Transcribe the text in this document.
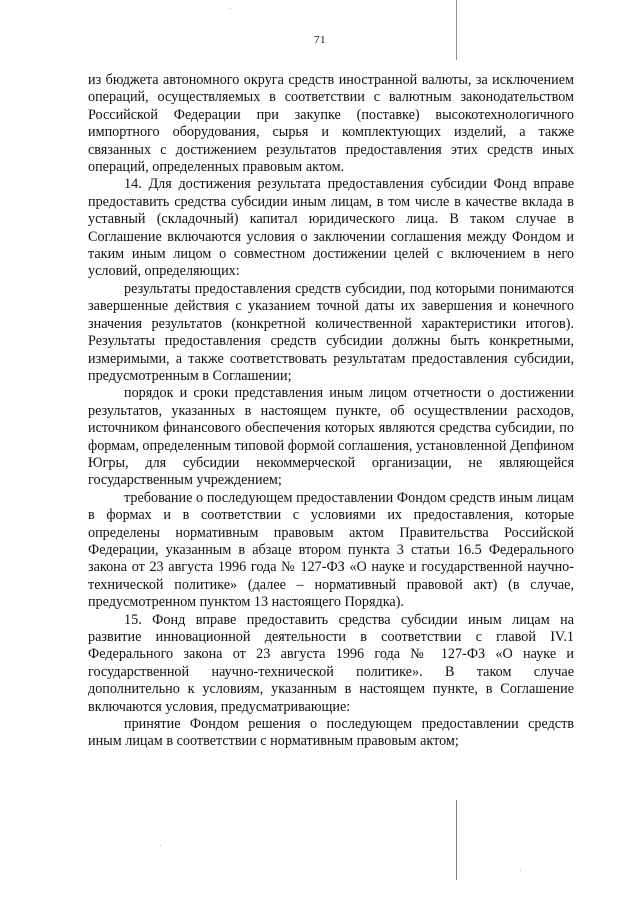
71

из бюджета автономного округа средств иностранной валюты, за исключением операций, осуществляемых в соответствии с валютным законодательством Российской Федерации при закупке (поставке) высокотехнологичного импортного оборудования, сырья и комплектующих изделий, а также связанных с достижением результатов предоставления этих средств иных операций, определенных правовым актом.

14. Для достижения результата предоставления субсидии Фонд вправе предоставить средства субсидии иным лицам, в том числе в качестве вклада в уставный (складочный) капитал юридического лица. В таком случае в Соглашение включаются условия о заключении соглашения между Фондом и таким иным лицом о совместном достижении целей с включением в него условий, определяющих:

результаты предоставления средств субсидии, под которыми понимаются завершенные действия с указанием точной даты их завершения и конечного значения результатов (конкретной количественной характеристики итогов). Результаты предоставления средств субсидии должны быть конкретными, измеримыми, а также соответствовать результатам предоставления субсидии, предусмотренным в Соглашении;

порядок и сроки представления иным лицом отчетности о достижении результатов, указанных в настоящем пункте, об осуществлении расходов, источником финансового обеспечения которых являются средства субсидии, по формам, определенным типовой формой соглашения, установленной Депфином Югры, для субсидии некоммерческой организации, не являющейся государственным учреждением;

требование о последующем предоставлении Фондом средств иным лицам в формах и в соответствии с условиями их предоставления, которые определены нормативным правовым актом Правительства Российской Федерации, указанным в абзаце втором пункта 3 статьи 16.5 Федерального закона от 23 августа 1996 года № 127-ФЗ «О науке и государственной научно-технической политике» (далее – нормативный правовой акт) (в случае, предусмотренном пунктом 13 настоящего Порядка).

15. Фонд вправе предоставить средства субсидии иным лицам на развитие инновационной деятельности в соответствии с главой IV.1 Федерального закона от 23 августа 1996 года № 127-ФЗ «О науке и государственной научно-технической политике». В таком случае дополнительно к условиям, указанным в настоящем пункте, в Соглашение включаются условия, предусматривающие:

принятие Фондом решения о последующем предоставлении средств иным лицам в соответствии с нормативным правовым актом;
